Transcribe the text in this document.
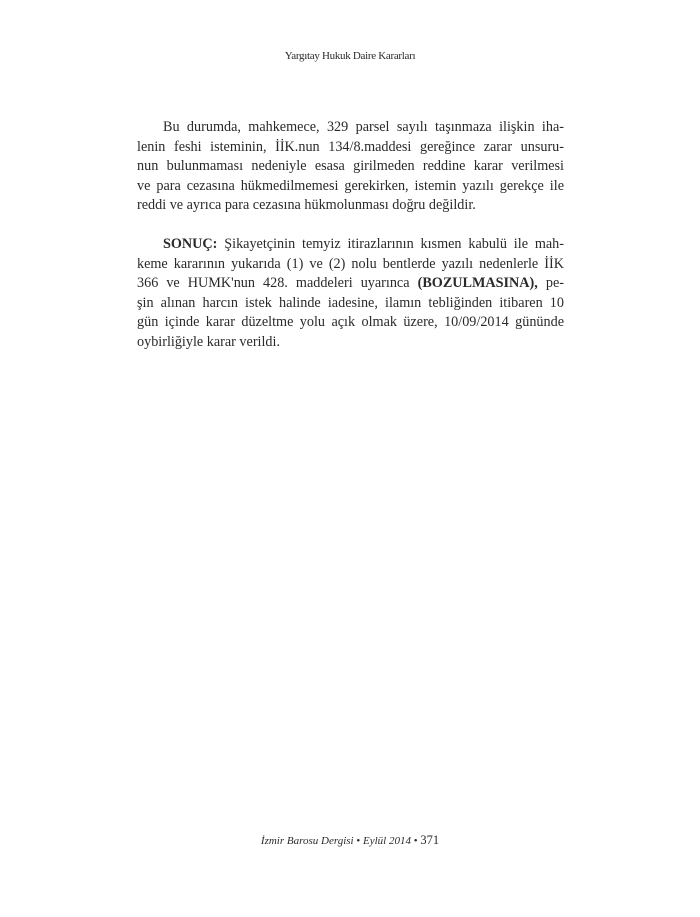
Yargıtay Hukuk Daire Kararları
Bu durumda, mahkemece, 329 parsel sayılı taşınmaza ilişkin iha-
lenin feshi isteminin, İİK.nun 134/8.maddesi gereğince zarar unsuru-
nun bulunmaması nedeniyle esasa girilmeden reddine karar verilmesi
ve para cezasına hükmedilmemesi gerekirken, istemin yazılı gerekçe ile
reddi ve ayrıca para cezasına hükmolunması doğru değildir.
SONUÇ: Şikayetçinin temyiz itirazlarının kısmen kabulü ile mah-
keme kararının yukarıda (1) ve (2) nolu bentlerde yazılı nedenlerle İİK
366 ve HUMK'nun 428. maddeleri uyarınca (BOZULMASINA), pe-
şin alınan harcın istek halinde iadesine, ilamın tebliğinden itibaren 10
gün içinde karar düzeltme yolu açık olmak üzere, 10/09/2014 gününde
oybirliğiyle karar verildi.
İzmir Barosu Dergisi • Eylül 2014 • 371
